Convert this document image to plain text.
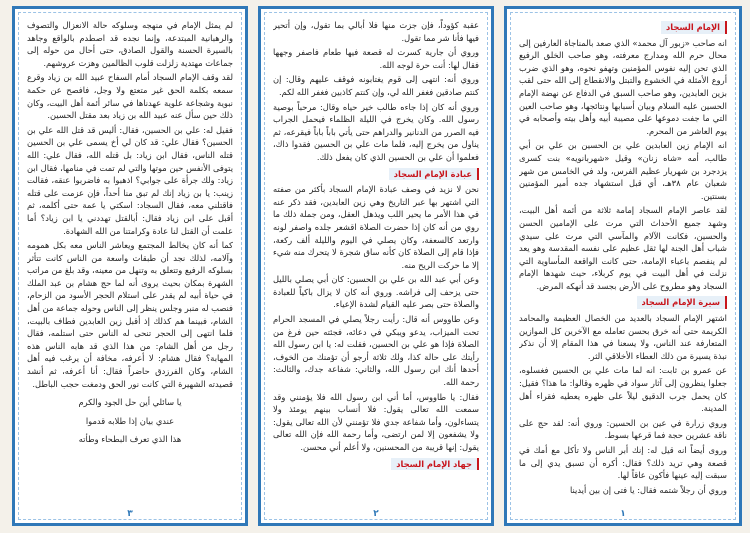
الإمام السجاد

انه صاحب «زبور آل محمد» الذي صعد بالمناجاة العارفين إلى محال حرم الله ومدارج معرفته، وهو صاحب الخلق الرفيع الذي تحن إليه نفوس المؤمنين وتهفو نحوه، وهو الذي ضرب أروع الأمثلة في الخشوع والتبتل والانقطاع إلى الله حتى لقب بزين العابدين، وهو صاحب السبق في الدفاع عن نهضة الإمام الحسين عليه السلام وبيان أسبابها ونتائجها، وهو صاحب العين التي ما جفت دموعها على مصيبة أبيه وأهل بيته وأصحابه في يوم العاشر من المحرم.

انه الإمام زين العابدين علي بن الحسين بن علي بن أبي طالب، أمه «شاه زنان» وقيل «شهربانويه» بنت كسرى يزدجرد بن شهريار عظيم الفرس، ولد في الخامس من شهر شعبان عام ٣٨هـ، أي قبل استشهاد جده أمير المؤمنين بسنتين.

لقد عاصر الإمام السجاد إمامة ثلاثة من أئمة أهل البيت، وشهد جميع الأحداث التي مرت على الإمامين الحسن والحسين، فكانت الآلام والمآسي التي مرت على سيدي شباب أهل الجنة لها ثقل عظيم على نفسه المقدسة وهو يعد لم ينفصم باعباء الإمامة، حتى كانت الواقعة المأساوية التي نزلت في أهل البيت في يوم كربلاء، حيث شهدها الإمام السجاد وهو مطروح على الأرض بجسد قد أنهكه المرض.

سيرة الإمام السجاد

اشتهر الإمام السجاد بالعديد من الخصال العظيمة والمحامد الكريمة حتى أنه خرق بحسن تعامله مع الآخرين كل الموازين المتعارفة عند الناس، ولا يسعنا في هذا المقام إلا أن نذكر نبذة يسيرة من ذلك العطاء الأخلاقي الثر.

عن عمرو بن ثابت: انه لما مات علي بن الحسين فغسلوه، جعلوا ينظرون إلى آثار سواد في ظهره وقالوا: ما هذا؟ فقيل: كان يحمل جرب الدقيق ليلاً على ظهره يعطيه فقراء أهل المدينة.

وروي زرارة في عين بن الحسين: وروي أنه: لقد حج على ناقة عشرين حجة فما قرعها بسوط.

وروى أيضاً انه قيل له: إنك أبر الناس ولا تأكل مع أمك في قصعة وهي تريد ذلك؟ فقال: أكره أن تسبق يدي إلى ما سبقت إليه عينها فأكون عاقاً لها.

وروي أن رجلاً شتمه فقال: يا فتى إن بين أيدينا

١

عقبة كؤوداً، فإن جزت منها فلا أبالي بما تقول، وإن أتحير فيها فأنا شر مما تقول.

وروي أن جارية كسرت له قصعة فيها طعام فاصفر وجهها فقال لها: أنت حرة لوجه الله.

وروي أنه: انتهى إلى قوم يغتابونه فوقف عليهم وقال: إن كنتم صادقين فغفر الله لي، وإن كنتم كاذبين فغفر الله لكم.

وروي أنه كان إذا جاءه طالب خير حياه وقال: مرحباً بوصية رسول الله. وكان يخرج في الليلة الظلماء فيحمل الجراب فيه الصرر من الدنانير والدراهم حتى يأتي باباً باباً فيقرعه، ثم يناول من يخرج إليه، فلما مات علي بن الحسين فقدوا ذاك، فعلموا أن علي بن الحسين الذي كان يفعل ذلك.

عبادة الإمام السجاد

نحن لا نزيد في وصف عبادة الإمام السجاد بأكثر من صفته التي اشتهر بها عبر التاريخ وهي زين العابدين، فقد ذكر عنه في هذا الأمر ما يحير اللب ويذهل العقل، ومن جملة ذلك ما روي من أنه كان إذا حضرت الصلاة اقشعر جلده واصفر لونه وارتعد كالسعفة، وكان يصلي في اليوم والليلة ألف ركعة، فإذا قام إلى الصلاة كان كأنه ساق شجرة لا يتحرك منه شيء إلا ما حركت الريح منه.

وعن أبي عبد الله بن علي بن الحسين: كان أبي يصلي بالليل حتى يزحف إلى فراشه. وروي أنه كان لا يزال باكياً للعبادة والصلاة حتى بصر عليه القيام لشدة الإعياء.

وعن طاووس أنه قال: رأيت رجلاً يصلي في المسجد الحرام تحت الميزاب، يدعو ويبكي في دعائه، فجئته حين فرغ من الصلاة فإذا هو علي بن الحسين، فقلت له: يا ابن رسول الله رأيتك على حالة كذا، ولك ثلاثة أرجو أن تؤمنك من الخوف، أحدها أنك ابن رسول الله، والثاني: شفاعة جدك، والثالث: رحمة الله.

فقال: يا طاووس، أما أني ابن رسول الله فلا يؤمنني وقد سمعت الله تعالى يقول: فلا أنساب بينهم يومئذ ولا يتساءلون، وأما شفاعة جدي فلا تؤمنني لأن الله تعالى يقول: ولا يشفعون إلا لمن ارتضى، وأما رحمة الله فإن الله تعالى يقول: إنها قريبة من المحسنين، ولا أعلم أني محسن.

جهاد الإمام السجاد
٢

لم يمثل الإمام في منهجه وسلوكه حالة الانعزال والتصوف والرهبانية المبتدعة، وإنما نجده قد اصطدم بالواقع وجاهد بالسيرة الحسنة والقول الصادق، حتى أحال من حوله إلى جماعات مهتدية زلزلت قلوب الظالمين وهزت عروشهم.

لقد وقف الإمام السجاد أمام السفاح عبيد الله بن زياد وقرع سمعه بكلمة الحق غير متعتع ولا وجل، فافصح عن حكمة نبوية وشجاعة علوية عهدناها في سائر أئمة أهل البيت، وكان ذلك حين سأل عنه عبيد الله بن زياد بعد مقتل الحسين.

فقيل له: علي بن الحسين، فقال: أليس قد قتل الله علي بن الحسين؟ فقال علي: قد كان لي أخ يسمى علي بن الحسين قتله الناس، فقال ابن زياد: بل قتله الله، فقال علي: الله يتوفى الأنفس حين موتها والتي لم تمت في منامها، فقال ابن زياد: ولك جرأة على جوابي؟ اذهبوا به فاضربوا عنقه، فقالت زينب: يا بن زياد إنك لم تبق منا أحداً، فإن عزمت على قتله فاقتلني معه، فقال السجاد: اسكتي يا عمة حتى أكلمه، ثم أقبل على ابن زياد فقال: أبالقتل تهددني يا ابن زياد؟ أما علمت أن القتل لنا عادة وكرامتنا من الله الشهادة.

كما أنه كان يخالط المجتمع ويعاشر الناس معه بكل همومه وآلامه، لذلك نجد أن طبقات واسعة من الناس كانت تتأثر بسلوكه الرفيع وتتعلق به وتنهل من معينه، وقد بلغ من مراتب الشهرة بمكان بحيث يروى أنه لما حج هشام بن عبد الملك في حياة أبيه لم يقدر على استلام الحجر الأسود من الزحام، فنصب له منبر وجلس ينظر إلى الناس وحوله جماعة من أهل الشام، فبينما هم كذلك إذ أقبل زين العابدين فطاف بالبيت، فلما انتهى إلى الحجر تنحى له الناس حتى استلمه، فقال رجل من أهل الشام: من هذا الذي قد هابه الناس هذه المهابة؟ فقال هشام: لا أعرفه، مخافة أن يرغب فيه أهل الشام، وكان الفرزدق حاضراً فقال: أنا أعرفه، ثم أنشد قصيدته الشهيرة التي كانت نور الحق ودمغت حجب الباطل.

يا سائلي أين حل الجود والكرم
عندي بيان إذا طلابه قدموا
هذا الذي تعرف البطحاء وطأته
٣
